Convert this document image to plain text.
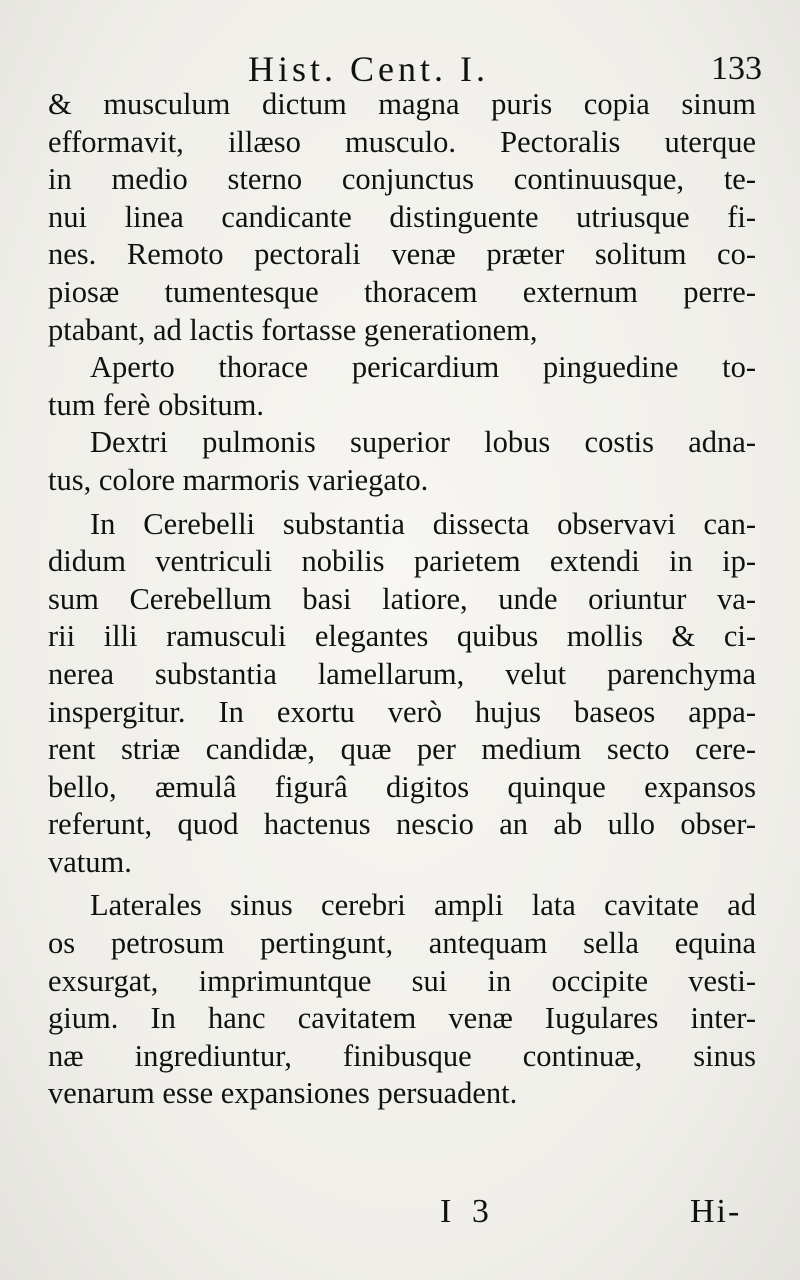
Hist. Cent. I.	133
& musculum dictum magna puris copia sinum
efformavit, illæso musculo. Pectoralis uterque
in medio sterno conjunctus continuusque, te-
nui linea candicante distinguente utriusque fi-
nes. Remoto pectorali venæ præter solitum co-
piosæ tumentesque thoracem externum perre-
ptabant, ad lactis fortasse generationem,
Aperto thorace pericardium pinguedine to-
tum ferè obsitum.
Dextri pulmonis superior lobus costis adna-
tus, colore marmoris variegato.
In Cerebelli substantia dissecta observavi can-
didum ventriculi nobilis parietem extendi in ip-
sum Cerebellum basi latiore, unde oriuntur va-
rii illi ramusculi elegantes quibus mollis & ci-
nerea substantia lamellarum, velut parenchyma
inspergitur. In exortu verò hujus baseos appa-
rent striæ candidæ, quæ per medium secto cere-
bello, æmulâ figurâ digitos quinque expansos
referunt, quod hactenus nescio an ab ullo obser-
vatum.
Laterales sinus cerebri ampli lata cavitate ad
os petrosum pertingunt, antequam sella equina
exsurgat, imprimuntque sui in occipite vesti-
gium. In hanc cavitatem venæ Iugulares inter-
næ ingrediuntur, finibusque continuæ, sinus
venarum esse expansiones persuadent.
I 3	Hi-
